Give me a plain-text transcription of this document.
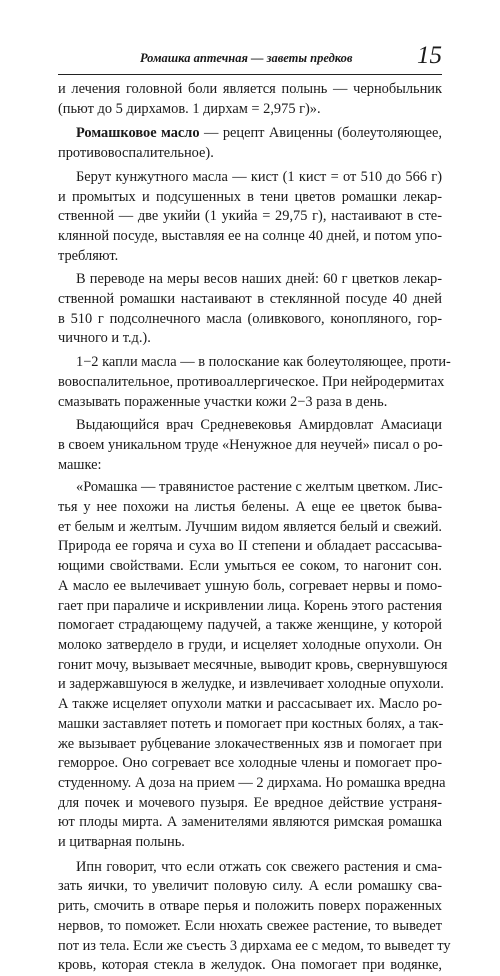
Ромашка аптечная — заветы предков	15
и лечения головной боли является полынь — чернобыльник
(пьют до 5 дирхамов. 1 дирхам = 2,975 г)».
Ромашковое масло — рецепт Авиценны (болеутоляющее,
противовоспалительное).
Берут кунжутного масла — кист (1 кист = от 510 до 566 г)
и промытых и подсушенных в тени цветов ромашки лекар-
ственной — две укийи (1 укийа = 29,75 г), настаивают в сте-
клянной посуде, выставляя ее на солнце 40 дней, и потом упо-
требляют.
В переводе на меры весов наших дней: 60 г цветков лекар-
ственной ромашки настаивают в стеклянной посуде 40 дней
в 510 г подсолнечного масла (оливкового, конопляного, гор-
чичного и т.д.).
1−2 капли масла — в полоскание как болеутоляющее, проти-
вовоспалительное, противоаллергическое. При нейродермитах
смазывать пораженные участки кожи 2−3 раза в день.
Выдающийся врач Средневековья Амирдовлат Амасиаци
в своем уникальном труде «Ненужное для неучей» писал о ро-
машке:
«Ромашка — травянистое растение с желтым цветком. Лис-
тья у нее похожи на листья белены. А еще ее цветок быва-
ет белым и желтым. Лучшим видом является белый и свежий.
Природа ее горяча и суха во II степени и обладает рассасыва-
ющими свойствами. Если умыться ее соком, то нагонит сон.
А масло ее вылечивает ушную боль, согревает нервы и помо-
гает при параличе и искривлении лица. Корень этого растения
помогает страдающему падучей, а также женщине, у которой
молоко затвердело в груди, и исцеляет холодные опухоли. Он
гонит мочу, вызывает месячные, выводит кровь, свернувшуюся
и задержавшуюся в желудке, и извлечивает холодные опухоли.
А также исцеляет опухоли матки и рассасывает их. Масло ро-
машки заставляет потеть и помогает при костных болях, а так-
же вызывает рубцевание злокачественных язв и помогает при
геморрое. Оно согревает все холодные члены и помогает про-
студенному. А доза на прием — 2 дирхама. Но ромашка вредна
для почек и мочевого пузыря. Ее вредное действие устраня-
ют плоды мирта. А заменителями являются римская ромашка
и цитварная полынь.
Ипн говорит, что если отжать сок свежего растения и сма-
зать яички, то увеличит половую силу. А если ромашку сва-
рить, смочить в отваре перья и положить поверх пораженных
нервов, то поможет. Если нюхать свежее растение, то выведет
пот из тела. Если же съесть 3 дирхама ее с медом, то выведет ту
кровь, которая стекла в желудок. Она помогает при водянке,
